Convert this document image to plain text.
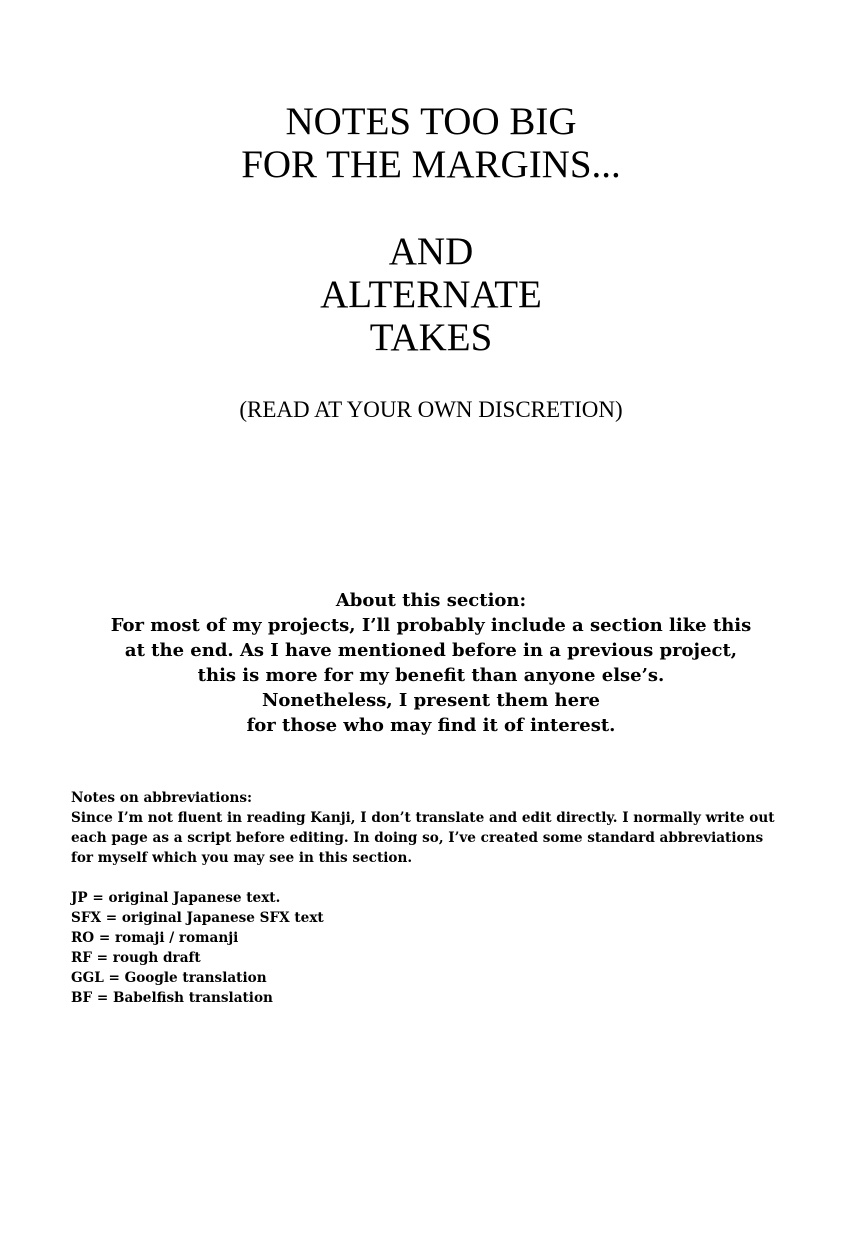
NOTES TOO BIG
FOR THE MARGINS...
AND
ALTERNATE
TAKES
(READ AT YOUR OWN DISCRETION)
About this section:
For most of my projects, I’ll probably include a section like this
at the end. As I have mentioned before in a previous project,
this is more for my benefit than anyone else’s.
Nonetheless, I present them here
for those who may find it of interest.
Notes on abbreviations:
Since I’m not fluent in reading Kanji, I don’t translate and edit directly. I normally write out
each page as a script before editing. In doing so, I’ve created some standard abbreviations
for myself which you may see in this section.
JP = original Japanese text.
SFX = original Japanese SFX text
RO = romaji / romanji
RF = rough draft
GGL = Google translation
BF = Babelfish translation
